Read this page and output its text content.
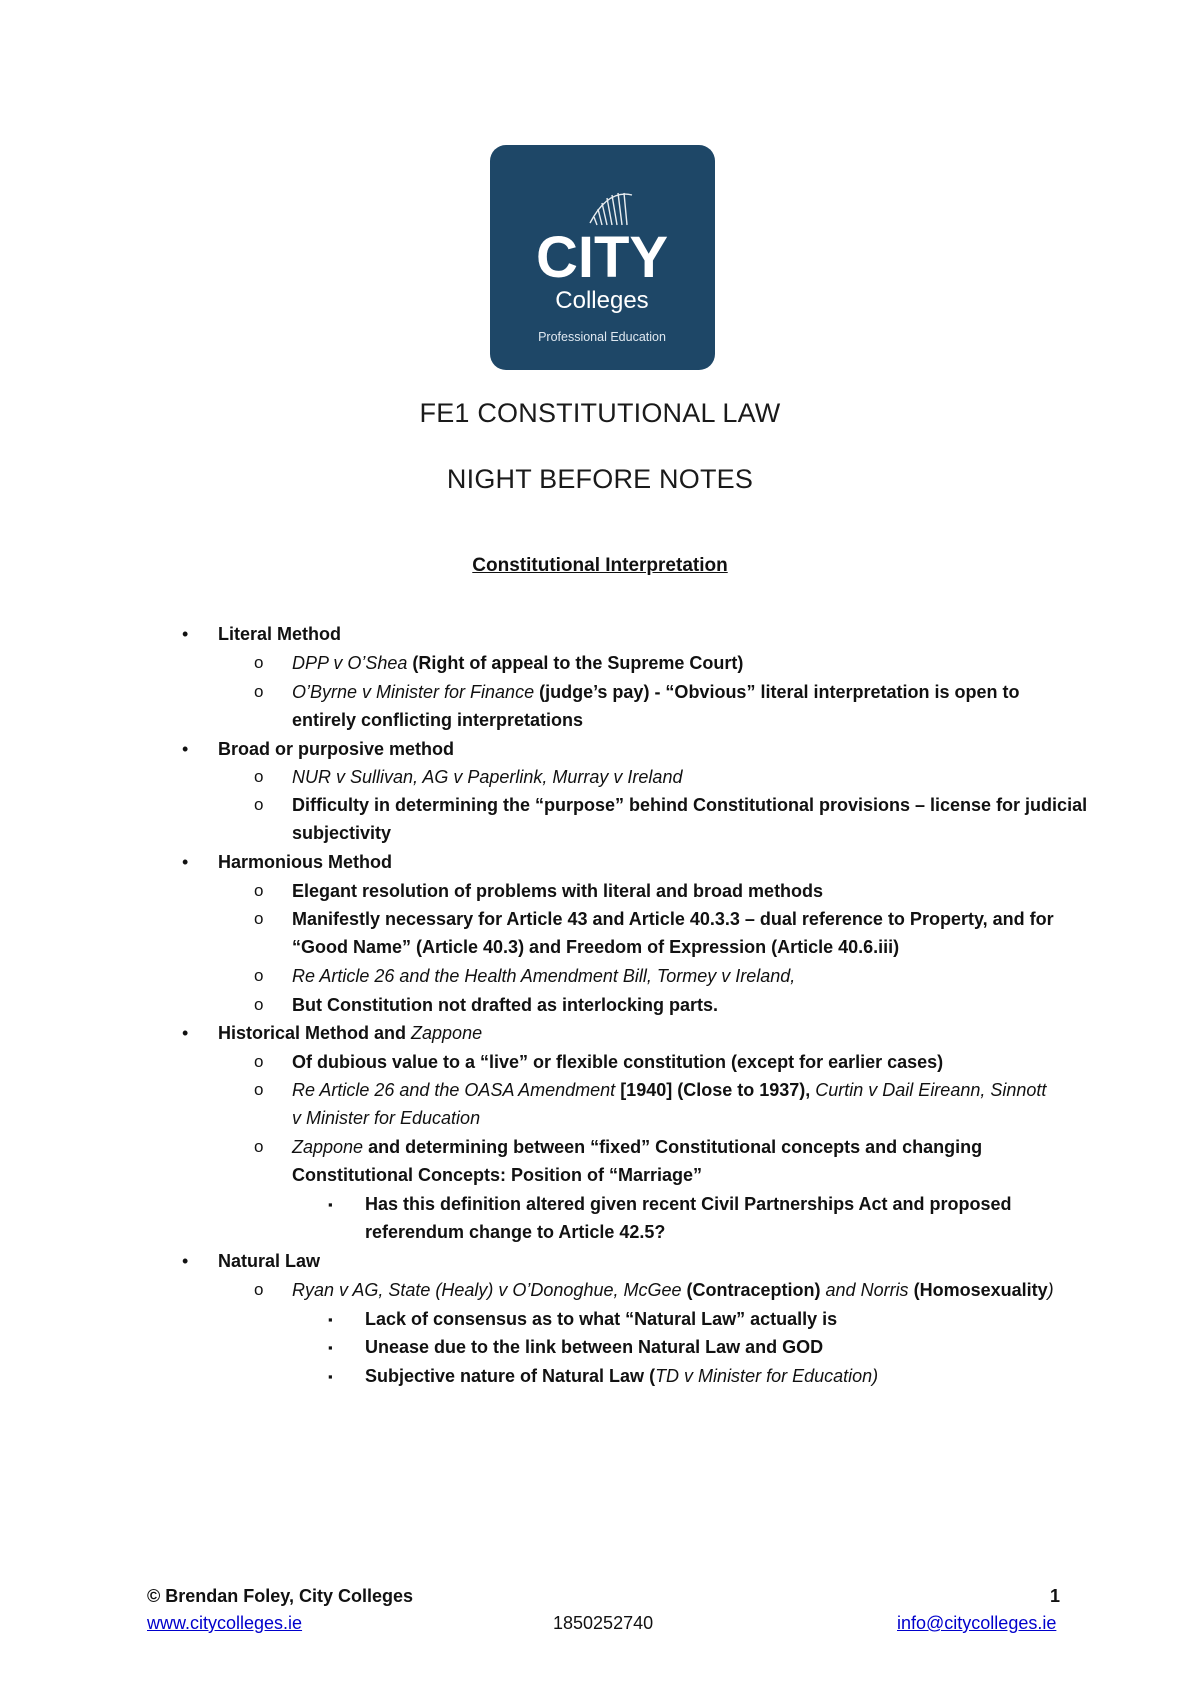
CITY
Colleges
Professional Education
FE1 CONSTITUTIONAL LAW
NIGHT BEFORE NOTES
Constitutional Interpretation
• Literal Method
o DPP v O’Shea (Right of appeal to the Supreme Court)
o O’Byrne v Minister for Finance (judge’s pay) - “Obvious” literal interpretation is open to
entirely conflicting interpretations
• Broad or purposive method
o NUR v Sullivan, AG v Paperlink, Murray v Ireland
o Difficulty in determining the “purpose” behind Constitutional provisions – license for judicial
subjectivity
• Harmonious Method
o Elegant resolution of problems with literal and broad methods
o Manifestly necessary for Article 43 and Article 40.3.3 – dual reference to Property, and for
“Good Name” (Article 40.3) and Freedom of Expression (Article 40.6.iii)
o Re Article 26 and the Health Amendment Bill, Tormey v Ireland,
o But Constitution not drafted as interlocking parts.
• Historical Method and Zappone
o Of dubious value to a “live” or flexible constitution (except for earlier cases)
o Re Article 26 and the OASA Amendment [1940] (Close to 1937), Curtin v Dail Eireann, Sinnott
v Minister for Education
o Zappone and determining between “fixed” Constitutional concepts and changing
Constitutional Concepts: Position of “Marriage”
▪ Has this definition altered given recent Civil Partnerships Act and proposed
referendum change to Article 42.5?
• Natural Law
o Ryan v AG, State (Healy) v O’Donoghue, McGee (Contraception) and Norris (Homosexuality)
▪ Lack of consensus as to what “Natural Law” actually is
▪ Unease due to the link between Natural Law and GOD
▪ Subjective nature of Natural Law (TD v Minister for Education)
© Brendan Foley, City Colleges	1
www.citycolleges.ie	1850252740	info@citycolleges.ie
